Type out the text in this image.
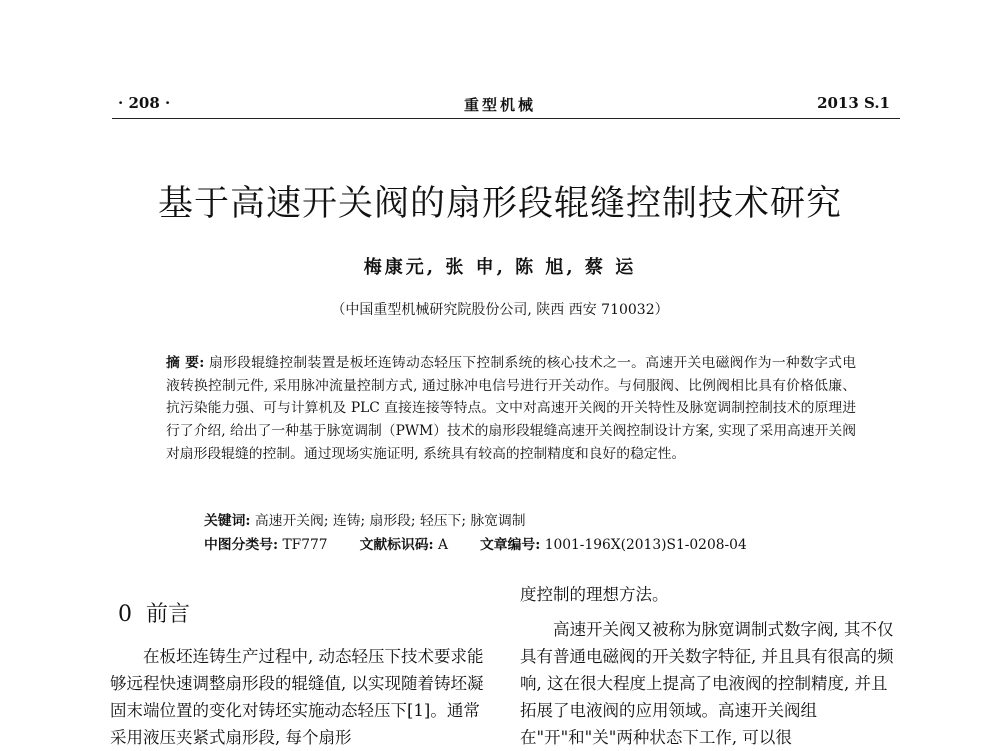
· 208 ·	重型机械	2013 S.1
基于高速开关阀的扇形段辊缝控制技术研究
梅康元, 张 申, 陈 旭, 蔡 运
（中国重型机械研究院股份公司, 陕西 西安 710032）

摘 要: 扇形段辊缝控制装置是板坯连铸动态轻压下控制系统的核心技术之一。高速开关电磁阀作为一种数字式电液转换控制元件, 采用脉冲流量控制方式, 通过脉冲电信号进行开关动作。与伺服阀、比例阀相比具有价格低廉、抗污染能力强、可与计算机及 PLC 直接连接等特点。文中对高速开关阀的开关特性及脉宽调制控制技术的原理进行了介绍, 给出了一种基于脉宽调制（PWM）技术的扇形段辊缝高速开关阀控制设计方案, 实现了采用高速开关阀对扇形段辊缝的控制。通过现场实施证明, 系统具有较高的控制精度和良好的稳定性。

关键词: 高速开关阀; 连铸; 扇形段; 轻压下; 脉宽调制
中图分类号: TF777 文献标识码: A 文章编号: 1001-196X(2013)S1-0208-04
0 前言

在板坯连铸生产过程中, 动态轻压下技术要求能够远程快速调整扇形段的辊缝值, 以实现随着铸坯凝固末端位置的变化对铸坯实施动态轻压下[1]。通常采用液压夹紧式扇形段, 每个扇形

度控制的理想方法。

高速开关阀又被称为脉宽调制式数字阀, 其不仅具有普通电磁阀的开关数字特征, 并且具有很高的频响, 这在很大程度上提高了电液阀的控制精度, 并且拓展了电液阀的应用领域。高速开关阀组在"开"和"关"两种状态下工作, 可以很
